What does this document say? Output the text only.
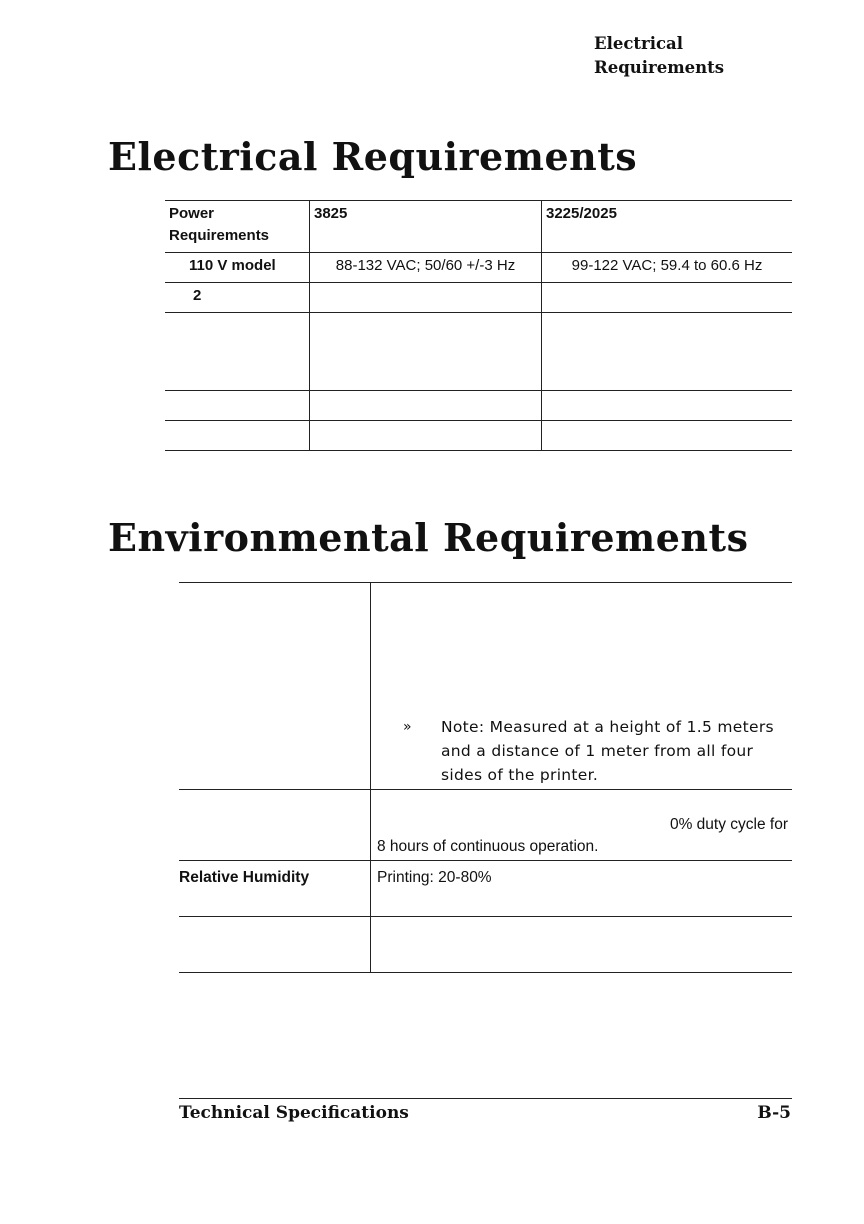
Electrical
Requirements
Electrical Requirements
Power
Requirements	3825	3225/2025
110 V model	88-132 VAC; 50/60 +/-3 Hz	99-122 VAC; 59.4 to 60.6 Hz
2		

Environmental Requirements

	» Note: Measured at a height of 1.5 meters and a distance of 1 meter from all four sides of the printer.

	0% duty cycle for
8 hours of continuous operation.

Relative Humidity	Printing: 20-80%

Technical Specifications	B-5
